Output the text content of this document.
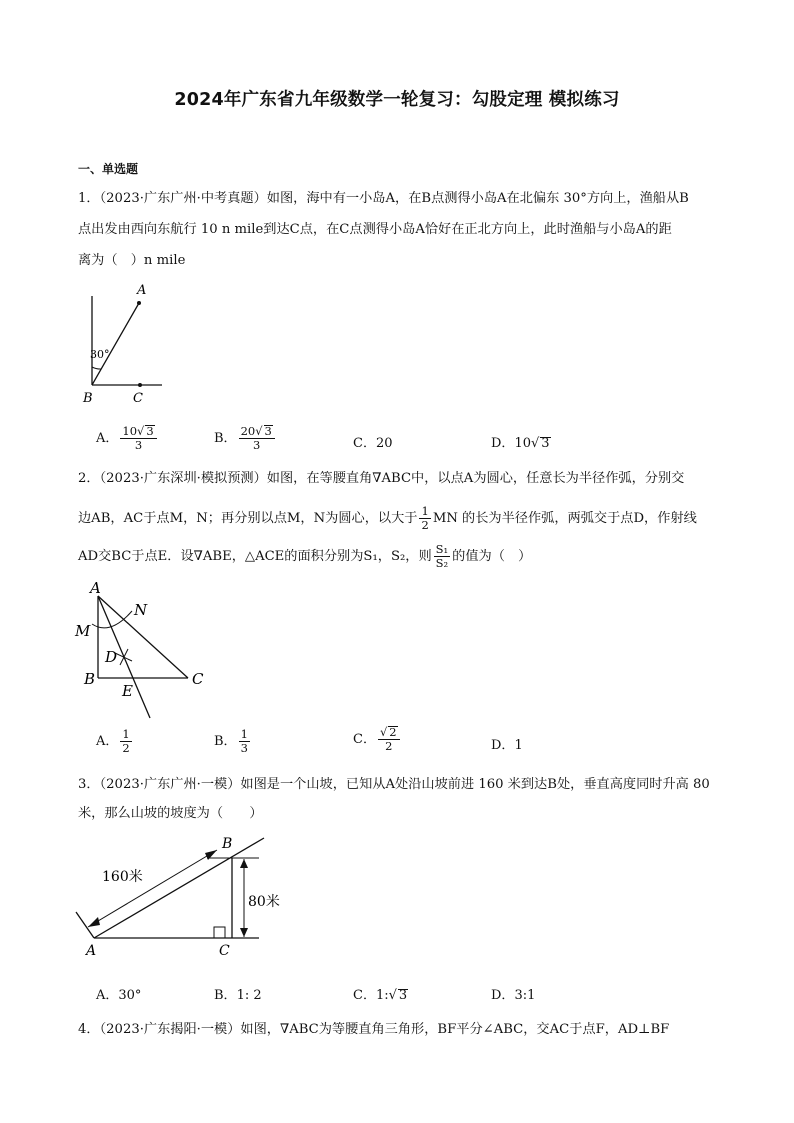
2024年广东省九年级数学一轮复习：勾股定理 模拟练习
一、单选题
1．（2023·广东广州·中考真题）如图，海中有一小岛A，在B点测得小岛A在北偏东 30°方向上，渔船从B
点出发由西向东航行 10 n mile到达C点，在C点测得小岛A恰好在正北方向上，此时渔船与小岛A的距
离为（　）n mile
A
30°
B	C
A． $\frac{10√ 3}{3}$	B． $\frac{20√ 3}{3}$	C．20	D．10√ 3
2．（2023·广东深圳·模拟预测）如图，在等腰直角∇ABC中，以点A为圆心，任意长为半径作弧，分别交
边AB，AC于点M，N；再分别以点M，N为圆心，以大于 $\frac{1}{2}$ MN 的长为半径作弧，两弧交于点D，作射线
AD交BC于点E．设∇ABE，△ACE的面积分别为S₁，S₂，则 $\frac{\text{S₁}}{\text{S₂}}$ 的值为（　）
A
N
M
D
B
E
C
A． $\frac{1}{2}$	B． $\frac{1}{3}$	C． $\frac{√ 2}{2}$	D．1
3．（2023·广东广州·一模）如图是一个山坡，已知从A处沿山坡前进 160 米到达B处，垂直高度同时升高 80
米，那么山坡的坡度为（　　）
160米
80米
B
A	C
A．30°	B．1: 2	C．1:√ 3	D．3:1
4．（2023·广东揭阳·一模）如图，∇ABC为等腰直角三角形，BF平分∠ABC，交AC于点F，AD⊥BF
